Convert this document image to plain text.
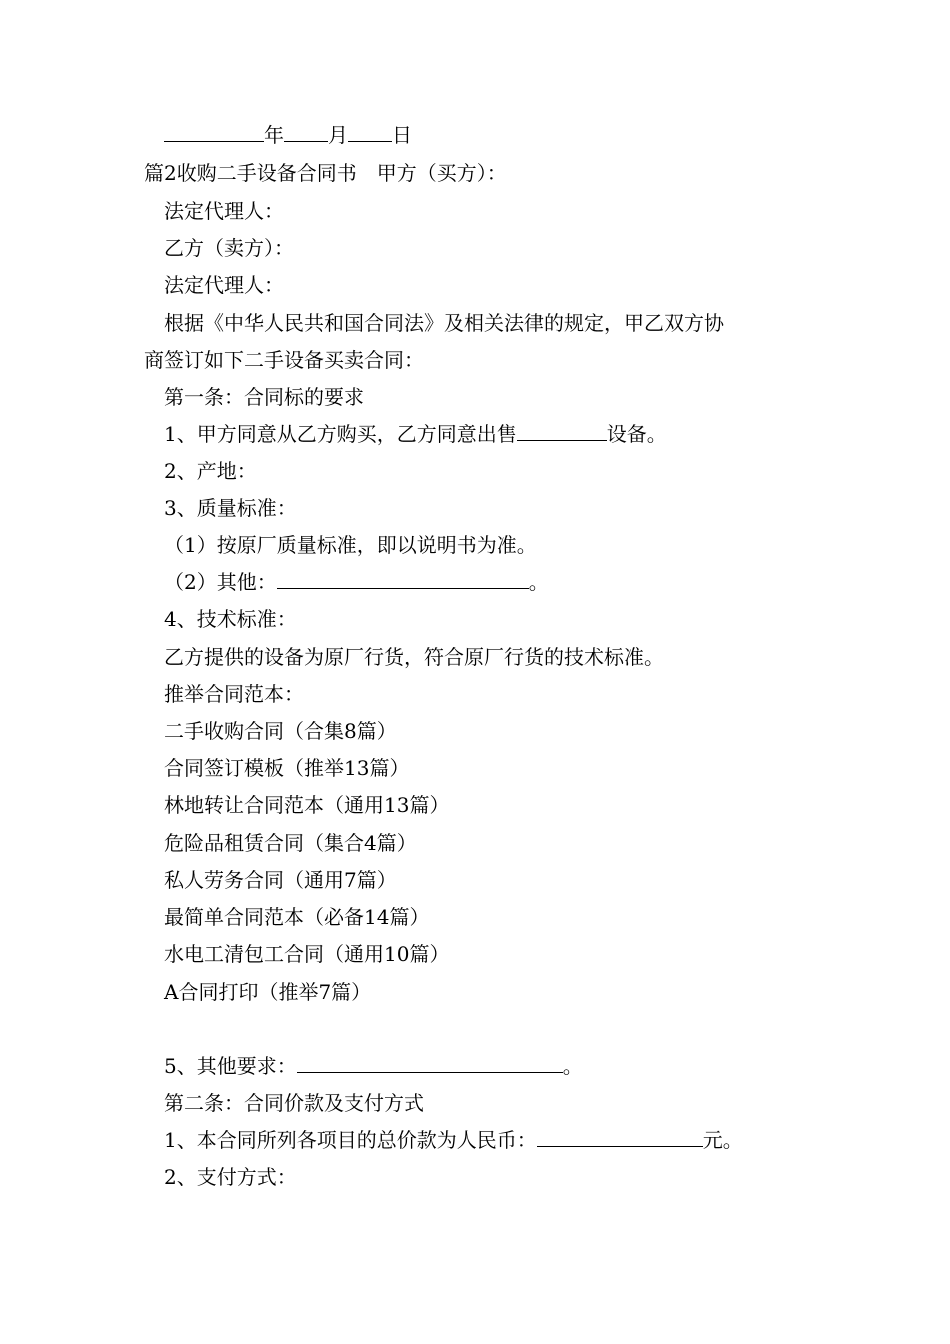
年 月 日
篇2收购二手设备合同书 甲方（买方）：
法定代理人：
乙方（卖方）：
法定代理人：
根据《中华人民共和国合同法》及相关法律的规定，甲乙双方协
商签订如下二手设备买卖合同：
第一条：合同标的要求
1、甲方同意从乙方购买，乙方同意出售	设备。
2、产地：
3、质量标准：
（1）按原厂质量标准，即以说明书为准。
（2）其他：	。
4、技术标准：
乙方提供的设备为原厂行货，符合原厂行货的技术标准。
推举合同范本：
二手收购合同（合集8篇）
合同签订模板（推举13篇）
林地转让合同范本（通用13篇）
危险品租赁合同（集合4篇）
私人劳务合同（通用7篇）
最简单合同范本（必备14篇）
水电工清包工合同（通用10篇）
A合同打印（推举7篇）
5、其他要求：	。
第二条：合同价款及支付方式
1、本合同所列各项目的总价款为人民币：	元。
2、支付方式：
